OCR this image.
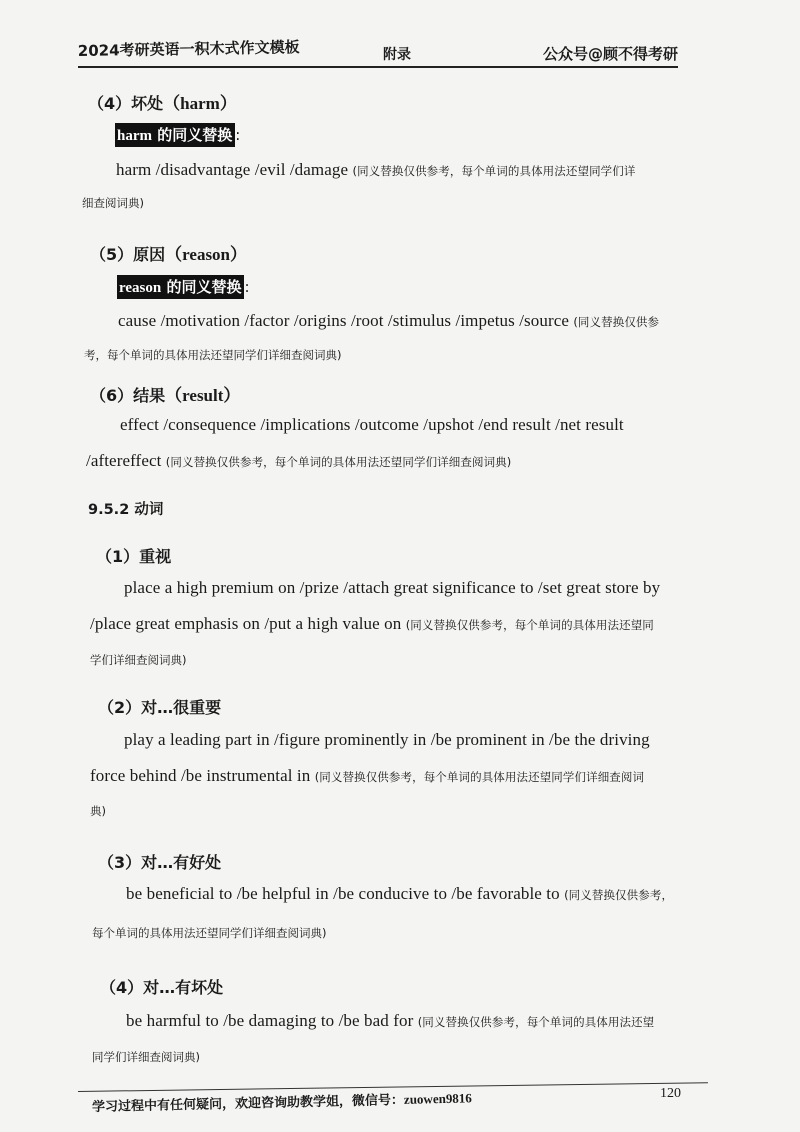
2024考研英语一积木式作文模板	附录	公众号@顾不得考研
（4）坏处（harm）
harm 的同义替换 :
harm /disadvantage /evil /damage (同义替换仅供参考，每个单词的具体用法还望同学们详
细查阅词典)
（5）原因（reason）
reason 的同义替换 :
cause /motivation /factor /origins /root /stimulus /impetus /source (同义替换仅供参
考，每个单词的具体用法还望同学们详细查阅词典)
（6）结果（result）
effect /consequence /implications /outcome /upshot /end result /net result
/aftereffect (同义替换仅供参考，每个单词的具体用法还望同学们详细查阅词典)
9.5.2 动词
（1）重视
place a high premium on /prize /attach great significance to /set great store by
/place great emphasis on /put a high value on (同义替换仅供参考，每个单词的具体用法还望同
学们详细查阅词典)
（2）对…很重要
play a leading part in /figure prominently in /be prominent in /be the driving
force behind /be instrumental in (同义替换仅供参考，每个单词的具体用法还望同学们详细查阅词
典)
（3）对…有好处
be beneficial to /be helpful in /be conducive to /be favorable to (同义替换仅供参考，
每个单词的具体用法还望同学们详细查阅词典)
（4）对…有坏处
be harmful to /be damaging to /be bad for (同义替换仅供参考，每个单词的具体用法还望
同学们详细查阅词典)
120
学习过程中有任何疑问，欢迎咨询助教学姐，微信号：zuowen9816
